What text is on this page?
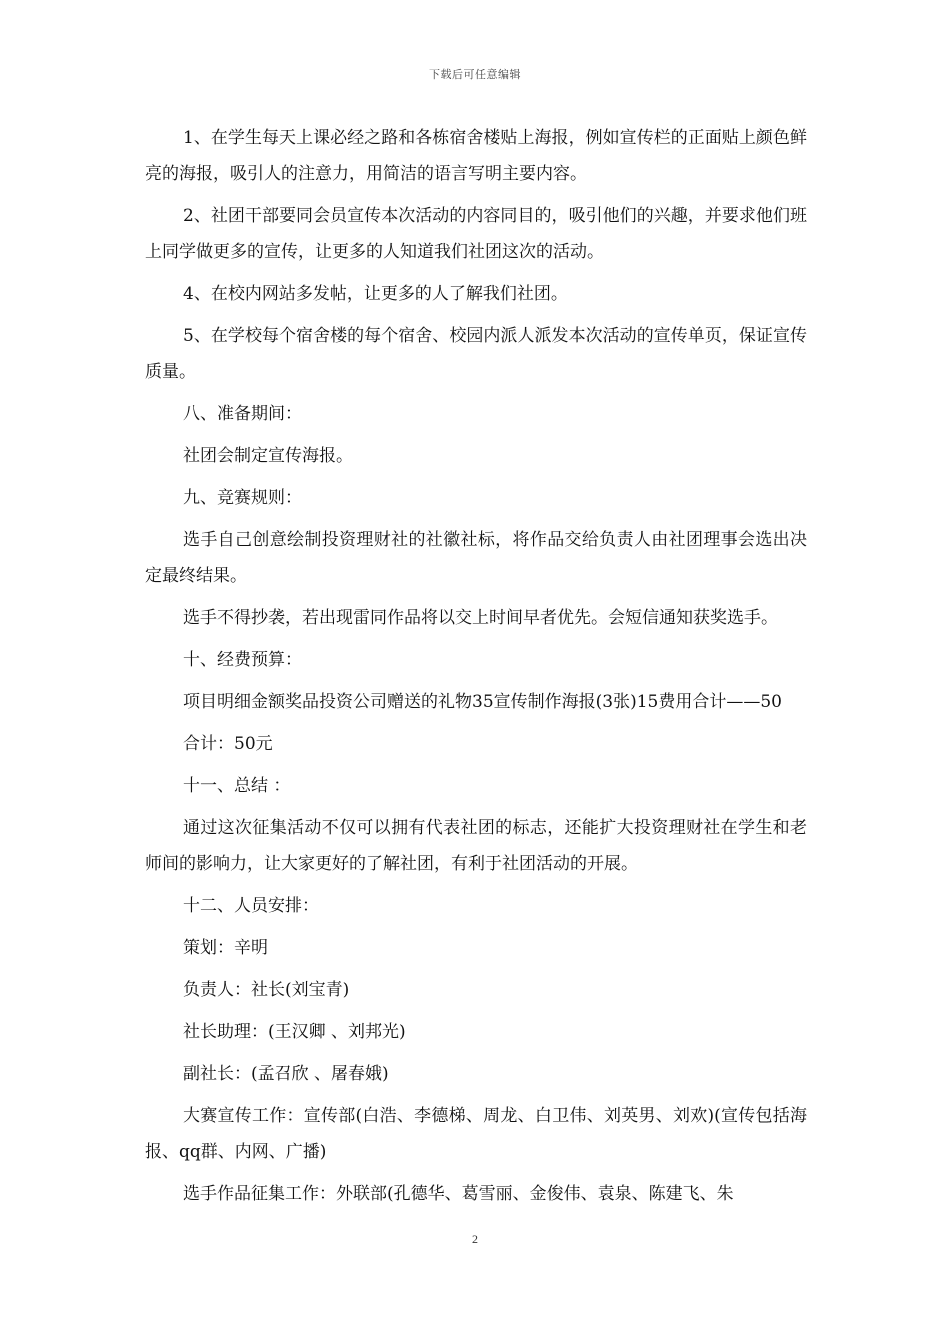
下载后可任意编辑

1、在学生每天上课必经之路和各栋宿舍楼贴上海报，例如宣传栏的正面贴上颜色鲜亮的海报，吸引人的注意力，用简洁的语言写明主要内容。

2、社团干部要同会员宣传本次活动的内容同目的，吸引他们的兴趣，并要求他们班上同学做更多的宣传，让更多的人知道我们社团这次的活动。

4、在校内网站多发帖，让更多的人了解我们社团。

5、在学校每个宿舍楼的每个宿舍、校园内派人派发本次活动的宣传单页，保证宣传质量。

八、准备期间：

社团会制定宣传海报。

九、竞赛规则：

选手自己创意绘制投资理财社的社徽社标，将作品交给负责人由社团理事会选出决定最终结果。

选手不得抄袭，若出现雷同作品将以交上时间早者优先。会短信通知获奖选手。

十、经费预算：

项目明细金额奖品投资公司赠送的礼物35宣传制作海报(3张)15费用合计——50

合计：50元

十一、总结 ：

通过这次征集活动不仅可以拥有代表社团的标志，还能扩大投资理财社在学生和老师间的影响力，让大家更好的了解社团，有利于社团活动的开展。

十二、人员安排：

策划：辛明

负责人：社长(刘宝青)

社长助理：(王汉卿 、刘邦光)

副社长：(孟召欣 、屠春娥)

大赛宣传工作：宣传部(白浩、李德梯、周龙、白卫伟、刘英男、刘欢)(宣传包括海报、qq群、内网、广播)

选手作品征集工作：外联部(孔德华、葛雪丽、金俊伟、袁泉、陈建飞、朱

2
